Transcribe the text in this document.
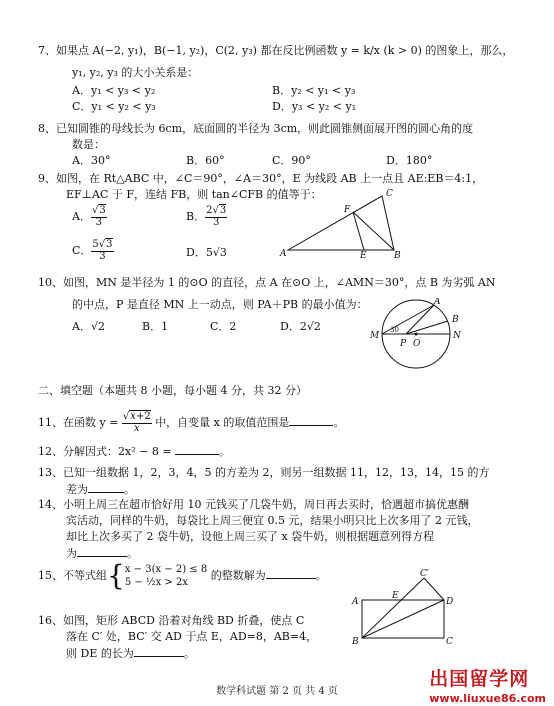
7、如果点 A(−2, y₁)，B(−1, y₂)，C(2, y₃) 都在反比例函数 y = k/x (k > 0) 的图象上，那么，
y₁, y₂, y₃ 的大小关系是：
A．y₁ < y₃ < y₂	B．y₂ < y₁ < y₃
C．y₁ < y₂ < y₃	D．y₃ < y₂ < y₁
8、已知圆锥的母线长为 6cm，底面圆的半径为 3cm，则此圆锥侧面展开图的圆心角的度
数是：
A．30°	B．60°	C．90°	D．180°
9、如图，在 Rt△ABC 中，∠C＝90°，∠A＝30°，E 为线段 AB 上一点且 AE:EB＝4:1，
EF⊥AC 于 F，连结 FB，则 tan∠CFB 的值等于：
A． $\frac{√3}{3}$	B． $\frac{2√3}{3}$
C． $\frac{5√3}{3}$	D．5√3
C
F
A	E	B
10、如图，MN 是半径为 1 的⊙O 的直径，点 A 在⊙O 上，∠AMN＝30°，点 B 为劣弧 AN
的中点，P 是直径 MN 上一动点，则 PA＋PB 的最小值为：
A．√2	B．1	C．2	D．2√2
A
B
M	N
P O
30
二、填空题（本题共 8 小题，每小题 4 分，共 32 分）
11、在函数 $y = \frac{√x+2}{x}$ 中，自变量 x 的取值范围是	。
12、分解因式：2x² − 8 =	。
13、已知一组数据 1，2，3，4，5 的方差为 2，则另一组数据 11，12，13，14，15 的方
差为	。
14、小明上周三在超市恰好用 10 元钱买了几袋牛奶，周日再去买时，恰遇超市搞优惠酬
宾活动，同样的牛奶，每袋比上周三便宜 0.5 元，结果小明只比上次多用了 2 元钱，
却比上次多买了 2 袋牛奶，设他上周三买了 x 袋牛奶，则根据题意列得方程
为	。
15、不等式组{x − 3(x − 2) ≤ 8
5 − ½x > 2x 的整数解为	。
16、如图，矩形 ABCD 沿着对角线 BD 折叠，使点 C
落在 C′ 处，BC′ 交 AD 于点 E，AD=8，AB=4，
则 DE 的长为	。
C′
A
E
D
B	C
数学科试题 第 2 页 共 4 页
出国留学网
www.liuxue86.com
